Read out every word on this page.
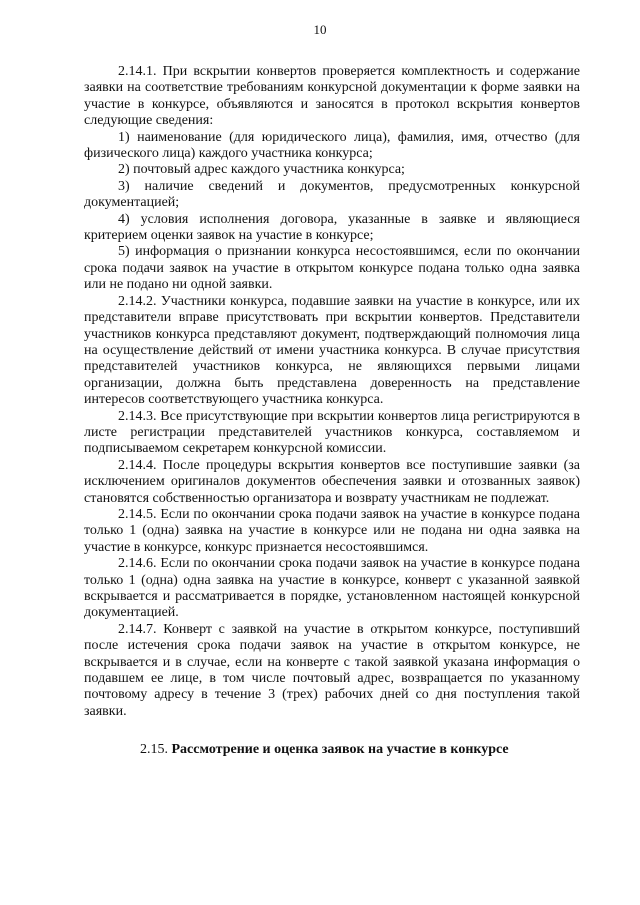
10

2.14.1. При вскрытии конвертов проверяется комплектность и содержание заявки на соответствие требованиям конкурсной документации к форме заявки на участие в конкурсе, объявляются и заносятся в протокол вскрытия конвертов следующие сведения:

1) наименование (для юридического лица), фамилия, имя, отчество (для физического лица) каждого участника конкурса;

2) почтовый адрес каждого участника конкурса;

3) наличие сведений и документов, предусмотренных конкурсной документацией;

4) условия исполнения договора, указанные в заявке и являющиеся критерием оценки заявок на участие в конкурсе;

5) информация о признании конкурса несостоявшимся, если по окончании срока подачи заявок на участие в открытом конкурсе подана только одна заявка или не подано ни одной заявки.

2.14.2. Участники конкурса, подавшие заявки на участие в конкурсе, или их представители вправе присутствовать при вскрытии конвертов. Представители участников конкурса представляют документ, подтверждающий полномочия лица на осуществление действий от имени участника конкурса. В случае присутствия представителей участников конкурса, не являющихся первыми лицами организации, должна быть представлена доверенность на представление интересов соответствующего участника конкурса.

2.14.3. Все присутствующие при вскрытии конвертов лица регистрируются в листе регистрации представителей участников конкурса, составляемом и подписываемом секретарем конкурсной комиссии.

2.14.4. После процедуры вскрытия конвертов все поступившие заявки (за исключением оригиналов документов обеспечения заявки и отозванных заявок) становятся собственностью организатора и возврату участникам не подлежат.

2.14.5. Если по окончании срока подачи заявок на участие в конкурсе подана только 1 (одна) заявка на участие в конкурсе или не подана ни одна заявка на участие в конкурсе, конкурс признается несостоявшимся.

2.14.6. Если по окончании срока подачи заявок на участие в конкурсе подана только 1 (одна) одна заявка на участие в конкурсе, конверт с указанной заявкой вскрывается и рассматривается в порядке, установленном настоящей конкурсной документацией.

2.14.7. Конверт с заявкой на участие в открытом конкурсе, поступивший после истечения срока подачи заявок на участие в открытом конкурсе, не вскрывается и в случае, если на конверте с такой заявкой указана информация о подавшем ее лице, в том числе почтовый адрес, возвращается по указанному почтовому адресу в течение 3 (трех) рабочих дней со дня поступления такой заявки.

2.15. Рассмотрение и оценка заявок на участие в конкурсе
